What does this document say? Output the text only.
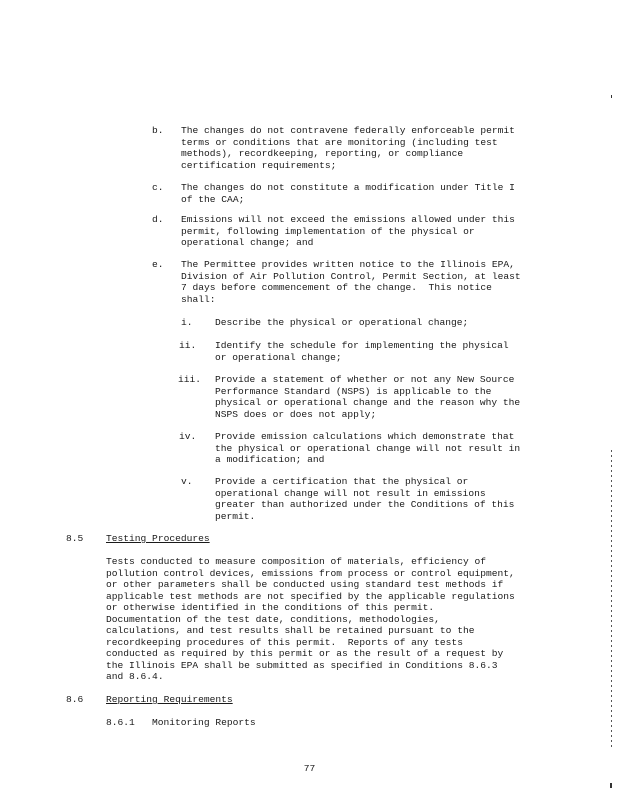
b. The changes do not contravene federally enforceable permit
terms or conditions that are monitoring (including test
methods), recordkeeping, reporting, or compliance
certification requirements;
c. The changes do not constitute a modification under Title I
of the CAA;
d. Emissions will not exceed the emissions allowed under this
permit, following implementation of the physical or
operational change; and
e. The Permittee provides written notice to the Illinois EPA,
Division of Air Pollution Control, Permit Section, at least
7 days before commencement of the change.  This notice
shall:
i. Describe the physical or operational change;
ii. Identify the schedule for implementing the physical
or operational change;
iii. Provide a statement of whether or not any New Source
Performance Standard (NSPS) is applicable to the
physical or operational change and the reason why the
NSPS does or does not apply;
iv. Provide emission calculations which demonstrate that
the physical or operational change will not result in
a modification; and
v. Provide a certification that the physical or
operational change will not result in emissions
greater than authorized under the Conditions of this
permit.
8.5 Testing Procedures
Tests conducted to measure composition of materials, efficiency of
pollution control devices, emissions from process or control equipment,
or other parameters shall be conducted using standard test methods if
applicable test methods are not specified by the applicable regulations
or otherwise identified in the conditions of this permit.
Documentation of the test date, conditions, methodologies,
calculations, and test results shall be retained pursuant to the
recordkeeping procedures of this permit.  Reports of any tests
conducted as required by this permit or as the result of a request by
the Illinois EPA shall be submitted as specified in Conditions 8.6.3
and 8.6.4.
8.6 Reporting Requirements
8.6.1 Monitoring Reports
77
